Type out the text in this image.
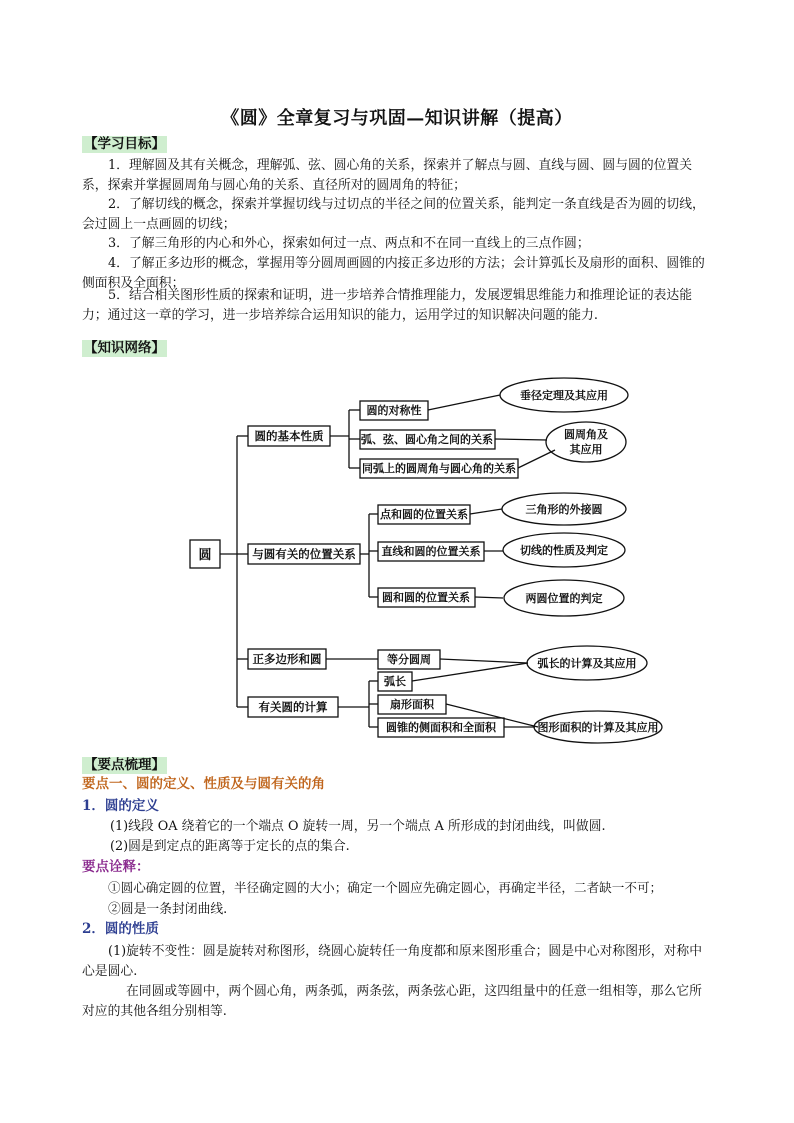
《圆》全章复习与巩固—知识讲解（提高）
【学习目标】

1．理解圆及其有关概念，理解弧、弦、圆心角的关系，探索并了解点与圆、直线与圆、圆与圆的位置关系，探索并掌握圆周角与圆心角的关系、直径所对的圆周角的特征；

2．了解切线的概念，探索并掌握切线与过切点的半径之间的位置关系，能判定一条直线是否为圆的切线，会过圆上一点画圆的切线；

3．了解三角形的内心和外心，探索如何过一点、两点和不在同一直线上的三点作圆；

4．了解正多边形的概念，掌握用等分圆周画圆的内接正多边形的方法；会计算弧长及扇形的面积、圆锥的侧面积及全面积；

5．结合相关图形性质的探索和证明，进一步培养合情推理能力，发展逻辑思维能力和推理论证的表达能力；通过这一章的学习，进一步培养综合运用知识的能力，运用学过的知识解决问题的能力.

【知识网络】
圆
圆的基本性质
与圆有关的位置关系
正多边形和圆
有关圆的计算
圆的对称性
弧、弦、圆心角之间的关系
同弧上的圆周角与圆心角的关系
点和圆的位置关系
直线和圆的位置关系
圆和圆的位置关系
等分圆周
弧长
扇形面积
圆锥的侧面积和全面积
垂径定理及其应用
圆周角及
其应用
三角形的外接圆
切线的性质及判定
两圆位置的判定
弧长的计算及其应用
图形面积的计算及其应用
【要点梳理】
要点一、圆的定义、性质及与圆有关的角
1．圆的定义
(1)线段 OA 绕着它的一个端点 O 旋转一周，另一个端点 A 所形成的封闭曲线，叫做圆.
(2)圆是到定点的距离等于定长的点的集合.
要点诠释：
①圆心确定圆的位置，半径确定圆的大小；确定一个圆应先确定圆心，再确定半径，二者缺一不可；
②圆是一条封闭曲线.
2．圆的性质

(1)旋转不变性：圆是旋转对称图形，绕圆心旋转任一角度都和原来图形重合；圆是中心对称图形，对称中心是圆心.

在同圆或等圆中，两个圆心角，两条弧，两条弦，两条弦心距，这四组量中的任意一组相等，那么它所对应的其他各组分别相等.
